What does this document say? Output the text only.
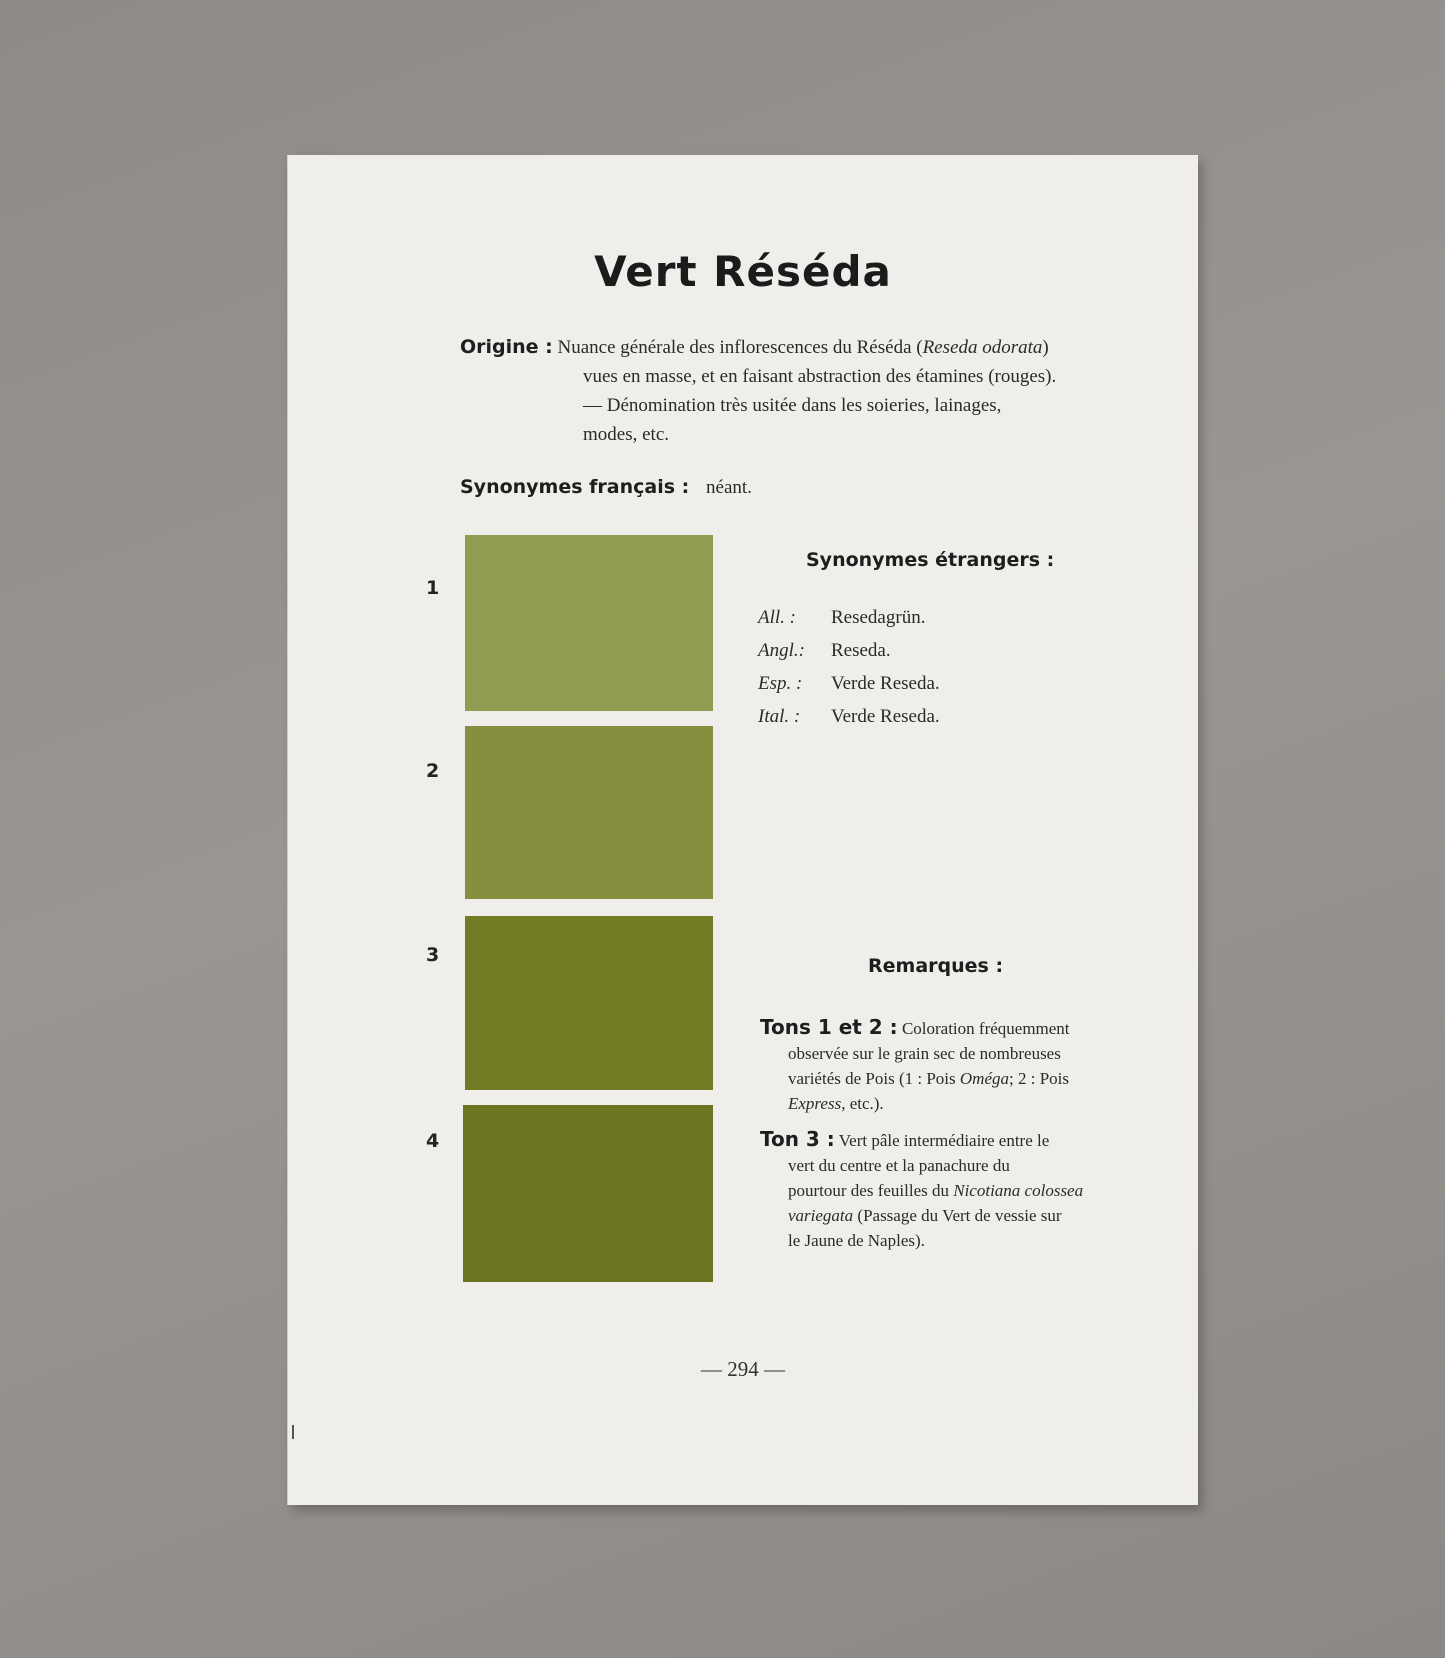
Vert Réséda
Origine : Nuance générale des inflorescences du Réséda (Reseda odorata)
vues en masse, et en faisant abstraction des étamines (rouges).
— Dénomination très usitée dans les soieries, lainages,
modes, etc.
Synonymes français : néant.
1
2
3
4
Synonymes étrangers :
All. : Resedagrün.
Angl.: Reseda.
Esp. : Verde Reseda.
Ital. : Verde Reseda.
Remarques :
Tons 1 et 2 : Coloration fréquemment
observée sur le grain sec de nombreuses
variétés de Pois (1 : Pois Oméga; 2 : Pois
Express, etc.).
Ton 3 : Vert pâle intermédiaire entre le
vert du centre et la panachure du
pourtour des feuilles du Nicotiana colossea
variegata (Passage du Vert de vessie sur
le Jaune de Naples).
— 294 —
